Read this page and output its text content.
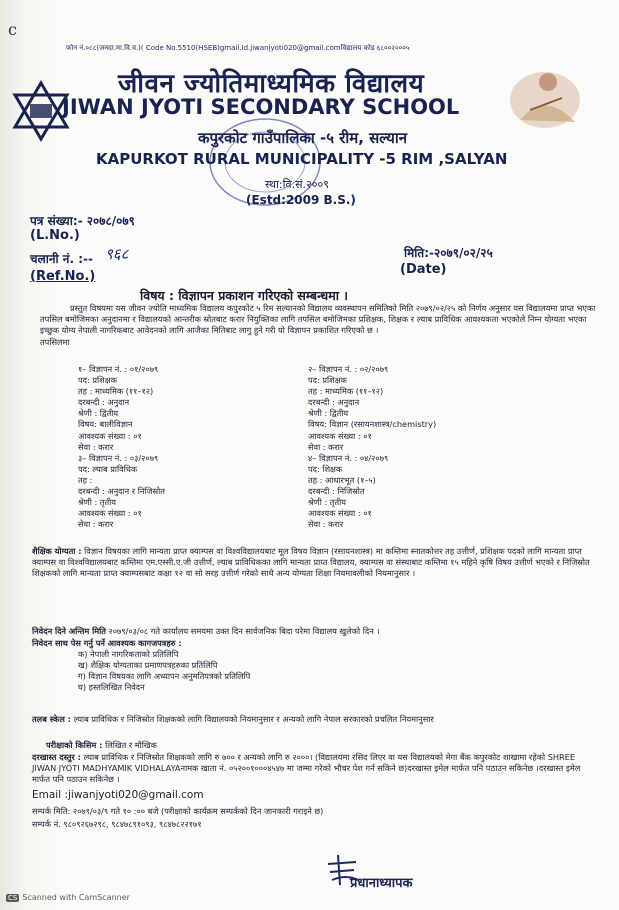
c
फोन नं.०८८(जनदा.मा.वि.व.)( Code No.5510(HSEB)gmail.Id.jiwanjyoti020@gmail.comविद्यालय कोड ६८००२०००५
जीवन ज्योतिमाध्यमिक विद्यालय
JIWAN JYOTI SECONDARY SCHOOL
कपुरकोट गाउँपालिका -५ रीम, सल्यान
KAPURKOT RURAL MUNICIPALITY -5 RIM ,SALYAN
स्था:वि.सं.२००९
(Estd:2009 B.S.)
पत्र संख्या:- २०७८/०७९
(L.No.)
चलानी नं. :-- ९६८
(Ref.No.)
मिति:-२०७९/०२/२५
(Date)
विषय : विज्ञापन प्रकाशन गरिएको सम्बन्धमा ।

प्रस्तुत विषयमा यस जीवन ज्योति माध्यमिक विद्यालय कपुरकोट ५ रिम सल्यानको विद्यालय व्यवस्थापन समितिको मिति २०७९/०२/२५ को निर्णय अनुसार यस विद्यालयमा प्राप्त भएका तपसिल बमोजिमका अनुदानमा र विद्यालयको आन्तरीक स्रोतबाट करार नियुक्तिका लागि तपसिल बमोजिमका प्रशिक्षक, शिक्षक र ल्याब प्राविधिक आवश्यकता भएकोले निम्न योग्यता भएका इच्छुक योग्य नेपाली नागरिकबाट आवेदनको लागि आजैका मितिबाट लागु हुने गरी यो विज्ञापन प्रकाशित गरिएको छ ।

तपसिलमा

१– विज्ञापन नं. : ०१/२०७९
पद: प्रशिक्षक
तह : माध्यमिक (११–१२)
दरबन्दी : अनुदान
श्रेणी : द्वितीय
विषय: बालीविज्ञान
आवश्यक संख्या : ०१
सेवा : करार
३– विज्ञापन नं. : ०३/२०७९
पद: ल्याब प्राविधिक
तह :
दरबन्दी : अनुदान र निजिस्रोत
श्रेणी : तृतीय
आवश्यक संख्या : ०१
सेवा : करार
२– विज्ञापन नं. : ०२/२०७९
पद: प्रशिक्षक
तह : माध्यमिक (११–१२)
दरबन्दी : अनुदान
श्रेणी : द्वितीय
विषय: विज्ञान (रसायनशास्त्र/chemistry)
आवश्यक संख्या : ०१
सेवा : करार
४– विज्ञापन नं. : ०४/२०७९
पद: शिक्षक
तह : आधारभूत (१–५)
दरबन्दी : निजिस्रोत
श्रेणी : तृतीय
आवश्यक संख्या : ०१
सेवा : करार
शैक्षिक योग्यता : विज्ञान विषयका लागि मान्यता प्राप्त क्याम्पस वा विश्वविद्यालयबाट मूल विषय विज्ञान (रसायनशास्त्र) मा कम्तिमा स्नातकोत्तर तह उत्तीर्ण, प्रशिक्षक पदको लागि मान्यता प्राप्त क्याम्पस वा विश्वविद्यालयबाट कम्तिमा एम.एस्सी.ए.जी उत्तीर्ण, ल्याब प्राविधिकका लागि मान्यता प्राप्त विद्यालय, क्याम्पस वा संस्थाबाट कम्तिमा १५ महिने कृषि विषय उत्तीर्ण भएको र निजिस्रोत शिक्षकको लागि मान्यता प्राप्त क्याम्पसबाट कक्षा १२ वा सो सरह उत्तीर्ण गरेको साथै अन्य योग्यता शिक्षा नियमावलीको नियमानुसार ।
निवेदन दिने अन्तिम मिति २०७९/०३/०८ गते कार्यालय समयमा उक्त दिन सार्वजनिक बिदा परेमा विद्यालय खुलेको दिन ।
निवेदन साथ पेस गर्नु पर्ने आवश्यक कागजपत्रहरु :
क) नेपाली नागरिकताको प्रतिलिपि
ख) शैक्षिक योग्यताका प्रमाणपत्रहरुका प्रतिलिपि
ग) विज्ञान विषयका लागि अध्यापन अनुमतिपत्रको प्रतिलिपि
घ) हस्तलिखित निवेदन
तलब स्केल : ल्याब प्राविधिक र निजिस्रोत शिक्षकको लागि विद्यालयको नियमानुसार र अन्यको लागि नेपाल सरकारको प्रचलित नियमानुसार
परीक्षाको किसिम : लिखित र मौखिक
दरखास्त दस्तुर : ल्याब प्राविधिक र निजिस्रोत शिक्षकको लागि रु ७०० र अन्यको लागि रु २०००। (विद्यालयमा रसिद लिएर वा यस विद्यालयको मेगा बैंक कपुरकोट शाखामा रहेको SHREE JIWAN JYOTI MADHYAMIK VIDHALAYAनामक खाता नं. ०५२००१०००४५४७ मा जम्मा गरेको भौचर पेश गर्न सकिने छ)दरखास्त इमेल मार्फत पनि पठाउन सकिनेछ ।दरखास्त इमेल मार्फत पनि पठाउन सकिनेछ ।
Email :jiwanjyoti020@gmail.com
सम्पर्क मिति: २०७९/०३/९ गते १० :०० बजे (परीक्षाको कार्यक्रम सम्पर्कको दिन जानकारी गराइने छ)
सम्पर्क नं. ९८०९२६७२९८, ९८४७८९१०९३, ९८४७८२२१७१
प्रधानाध्यापक
CS Scanned with CamScanner
